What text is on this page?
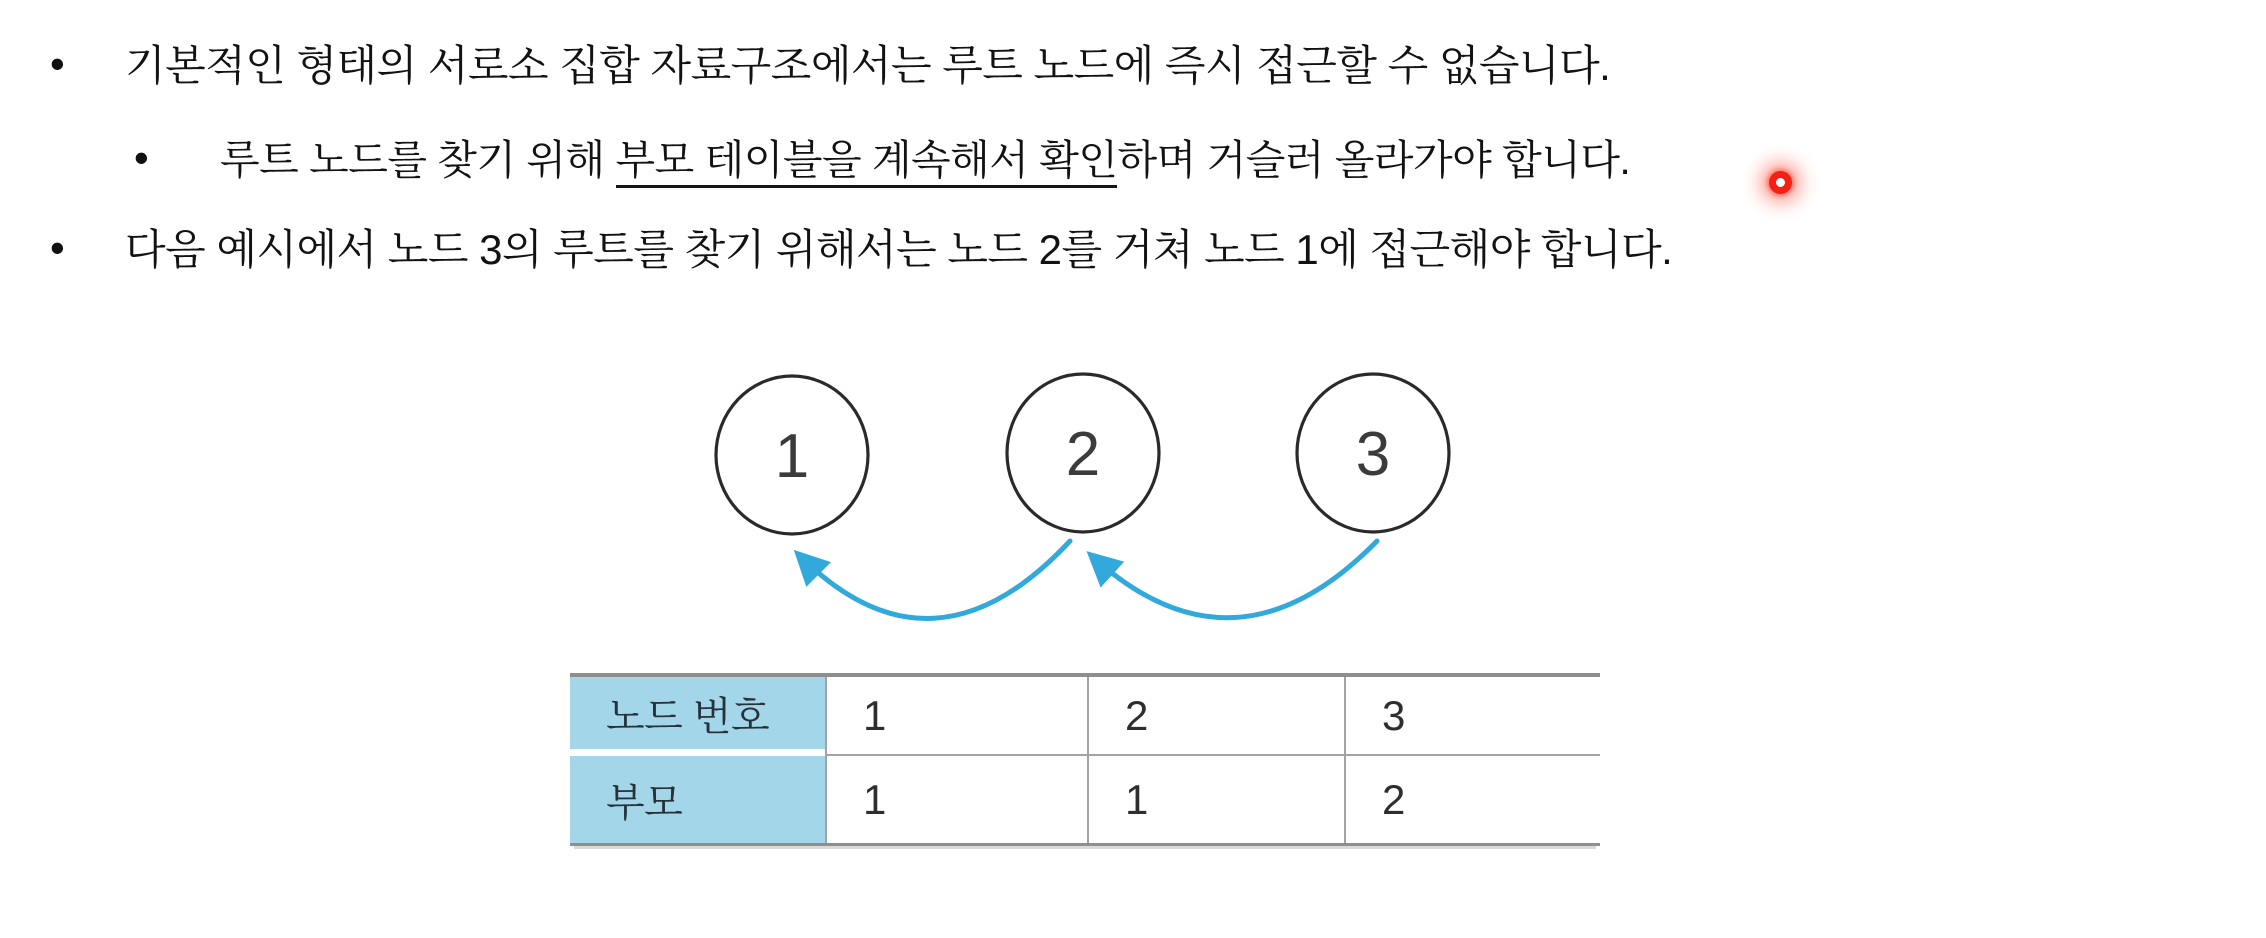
• 기본적인 형태의 서로소 집합 자료구조에서는 루트 노드에 즉시 접근할 수 없습니다.
• 루트 노드를 찾기 위해 부모 테이블을 계속해서 확인하며 거슬러 올라가야 합니다.
• 다음 예시에서 노드 3의 루트를 찾기 위해서는 노드 2를 거쳐 노드 1에 접근해야 합니다.
1	2	3
노드 번호	1	2	3
부모	1	1	2
